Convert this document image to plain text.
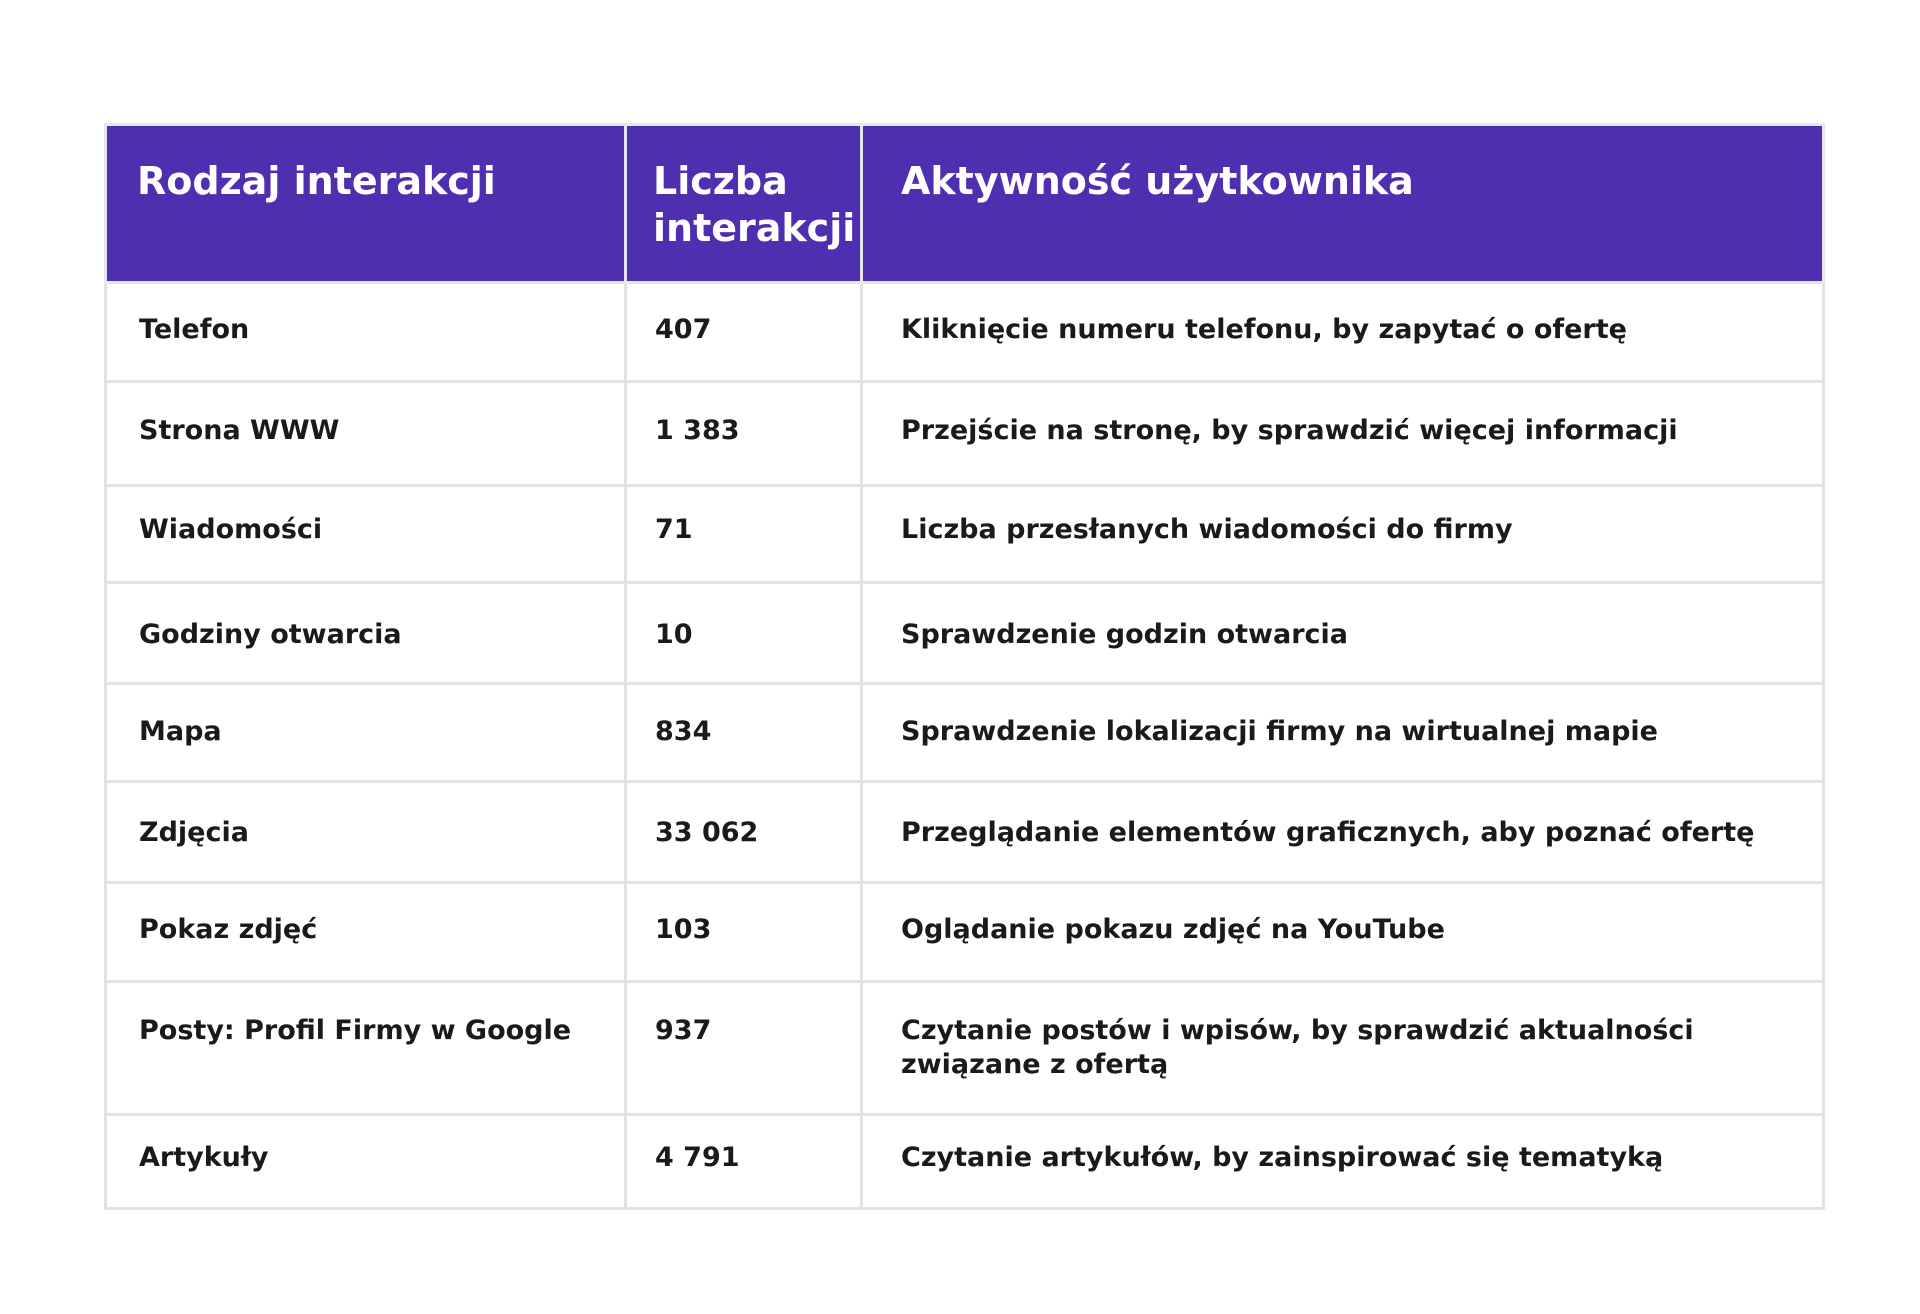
Rodzaj interakcji	Liczba interakcji	Aktywność użytkownika
Telefon	407	Kliknięcie numeru telefonu, by zapytać o ofertę
Strona WWW	1 383	Przejście na stronę, by sprawdzić więcej informacji
Wiadomości	71	Liczba przesłanych wiadomości do firmy
Godziny otwarcia	10	Sprawdzenie godzin otwarcia
Mapa	834	Sprawdzenie lokalizacji firmy na wirtualnej mapie
Zdjęcia	33 062	Przeglądanie elementów graficznych, aby poznać ofertę
Pokaz zdjęć	103	Oglądanie pokazu zdjęć na YouTube
Posty: Profil Firmy w Google	937	Czytanie postów i wpisów, by sprawdzić aktualności związane z ofertą
Artykuły	4 791	Czytanie artykułów, by zainspirować się tematyką
